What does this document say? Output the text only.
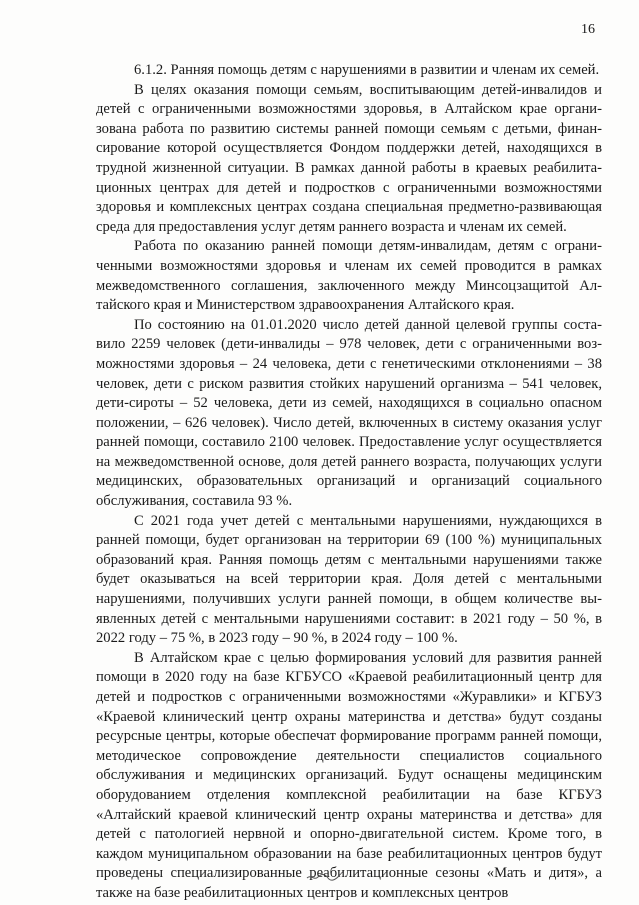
16

6.1.2. Ранняя помощь детям с нарушениями в развитии и членам их семей.

В целях оказания помощи семьям, воспитывающим детей-инвалидов и детей с ограниченными возможностями здоровья, в Алтайском крае организована работа по развитию системы ранней помощи семьям с детьми, финансирование которой осуществляется Фондом поддержки детей, находящихся в трудной жизненной ситуации. В рамках данной работы в краевых реабилитационных центрах для детей и подростков с ограниченными возможностями здоровья и комплексных центрах создана специальная предметно-развивающая среда для предоставления услуг детям раннего возраста и членам их семей.

Работа по оказанию ранней помощи детям-инвалидам, детям с ограниченными возможностями здоровья и членам их семей проводится в рамках межведомственного соглашения, заключенного между Минсоцзащитой Алтайского края и Министерством здравоохранения Алтайского края.

По состоянию на 01.01.2020 число детей данной целевой группы составило 2259 человек (дети-инвалиды – 978 человек, дети с ограниченными возможностями здоровья – 24 человека, дети с генетическими отклонениями – 38 человек, дети с риском развития стойких нарушений организма – 541 человек, дети-сироты – 52 человека, дети из семей, находящихся в социально опасном положении, – 626 человек). Число детей, включенных в систему оказания услуг ранней помощи, составило 2100 человек. Предоставление услуг осуществляется на межведомственной основе, доля детей раннего возраста, получающих услуги медицинских, образовательных организаций и организаций социального обслуживания, составила 93 %.

С 2021 года учет детей с ментальными нарушениями, нуждающихся в ранней помощи, будет организован на территории 69 (100 %) муниципальных образований края. Ранняя помощь детям с ментальными нарушениями также будет оказываться на всей территории края. Доля детей с ментальными нарушениями, получивших услуги ранней помощи, в общем количестве выявленных детей с ментальными нарушениями составит: в 2021 году – 50 %, в 2022 году – 75 %, в 2023 году – 90 %, в 2024 году – 100 %.

В Алтайском крае с целью формирования условий для развития ранней помощи в 2020 году на базе КГБУСО «Краевой реабилитационный центр для детей и подростков с ограниченными возможностями «Журавлики» и КГБУЗ «Краевой клинический центр охраны материнства и детства» будут созданы ресурсные центры, которые обеспечат формирование программ ранней помощи, методическое сопровождение деятельности специалистов социального обслуживания и медицинских организаций. Будут оснащены медицинским оборудованием отделения комплексной реабилитации на базе КГБУЗ «Алтайский краевой клинический центр охраны материнства и детства» для детей с патологией нервной и опорно-двигательной систем. Кроме того, в каждом муниципальном образовании на базе реабилитационных центров будут проведены специализированные реабилитационные сезоны «Мать и дитя», а также на базе реабилитационных центров и комплексных центров
